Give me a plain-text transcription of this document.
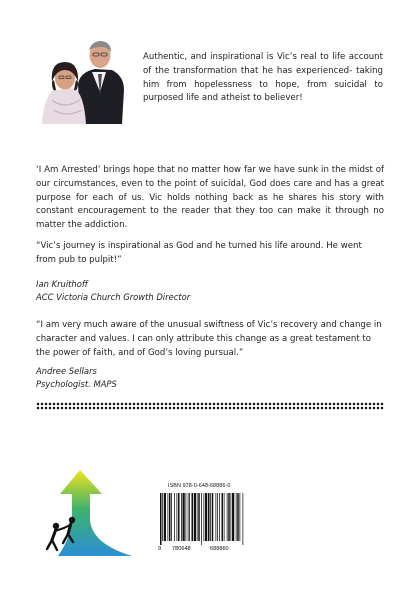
Authentic, and inspirational is Vic’s real to life account of the transformation that he has experienced- taking him from hopelessness to hope, from suicidal to purposed life and atheist to believer!

‘I Am Arrested’ brings hope that no matter how far we have sunk in the midst of our circumstances, even to the point of suicidal, God does care and has a great purpose for each of us. Vic holds nothing back as he shares his story with constant encouragement to the reader that they too can make it through no matter the addiction.

“Vic’s journey is inspirational as God and he turned his life around. He went from pub to pulpit!”

Ian Kruithoff

ACC Victoria Church Growth Director

“I am very much aware of the unusual swiftness of Vic’s recovery and change in character and values. I can only attribute this change as a great testament to the power of faith, and of God’s loving pursual.”

Andree Sellars

Psychologist. MAPS

ISBN 978-0-648-68886-0

9 780648	688860
